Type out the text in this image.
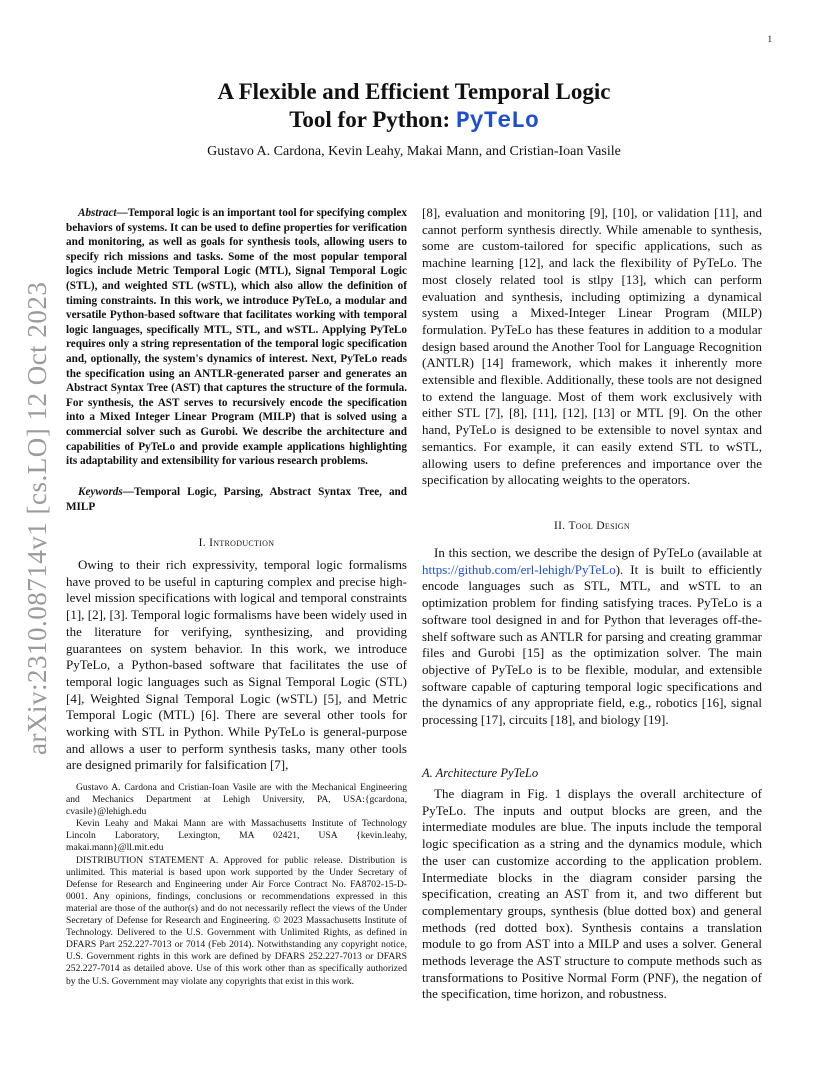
1
arXiv:2310.08714v1 [cs.LO] 12 Oct 2023
A Flexible and Efficient Temporal Logic
Tool for Python: PyTeLo
Gustavo A. Cardona, Kevin Leahy, Makai Mann, and Cristian-Ioan Vasile

Abstract—Temporal logic is an important tool for specifying complex behaviors of systems. It can be used to define properties for verification and monitoring, as well as goals for synthesis tools, allowing users to specify rich missions and tasks. Some of the most popular temporal logics include Metric Temporal Logic (MTL), Signal Temporal Logic (STL), and weighted STL (wSTL), which also allow the definition of timing constraints. In this work, we introduce PyTeLo, a modular and versatile Python-based software that facilitates working with temporal logic languages, specifically MTL, STL, and wSTL. Applying PyTeLo requires only a string representation of the temporal logic specification and, optionally, the system's dynamics of interest. Next, PyTeLo reads the specification using an ANTLR-generated parser and generates an Abstract Syntax Tree (AST) that captures the structure of the formula. For synthesis, the AST serves to recursively encode the specification into a Mixed Integer Linear Program (MILP) that is solved using a commercial solver such as Gurobi. We describe the architecture and capabilities of PyTeLo and provide example applications highlighting its adaptability and extensibility for various research problems.

Keywords—Temporal Logic, Parsing, Abstract Syntax Tree, and MILP

I. Introduction

Owing to their rich expressivity, temporal logic formalisms have proved to be useful in capturing complex and precise high-level mission specifications with logical and temporal constraints [1], [2], [3]. Temporal logic formalisms have been widely used in the literature for verifying, synthesizing, and providing guarantees on system behavior. In this work, we introduce PyTeLo, a Python-based software that facilitates the use of temporal logic languages such as Signal Temporal Logic (STL) [4], Weighted Signal Temporal Logic (wSTL) [5], and Metric Temporal Logic (MTL) [6]. There are several other tools for working with STL in Python. While PyTeLo is general-purpose and allows a user to perform synthesis tasks, many other tools are designed primarily for falsification [7],

Gustavo A. Cardona and Cristian-Ioan Vasile are with the Mechanical Engineering and Mechanics Department at Lehigh University, PA, USA:{gcardona, cvasile}@lehigh.edu

Kevin Leahy and Makai Mann are with Massachusetts Institute of Technology Lincoln Laboratory, Lexington, MA 02421, USA {kevin.leahy, makai.mann}@ll.mit.edu

DISTRIBUTION STATEMENT A. Approved for public release. Distribution is unlimited. This material is based upon work supported by the Under Secretary of Defense for Research and Engineering under Air Force Contract No. FA8702-15-D-0001. Any opinions, findings, conclusions or recommendations expressed in this material are those of the author(s) and do not necessarily reflect the views of the Under Secretary of Defense for Research and Engineering. © 2023 Massachusetts Institute of Technology. Delivered to the U.S. Government with Unlimited Rights, as defined in DFARS Part 252.227-7013 or 7014 (Feb 2014). Notwithstanding any copyright notice, U.S. Government rights in this work are defined by DFARS 252.227-7013 or DFARS 252.227-7014 as detailed above. Use of this work other than as specifically authorized by the U.S. Government may violate any copyrights that exist in this work.

[8], evaluation and monitoring [9], [10], or validation [11], and cannot perform synthesis directly. While amenable to synthesis, some are custom-tailored for specific applications, such as machine learning [12], and lack the flexibility of PyTeLo. The most closely related tool is stlpy [13], which can perform evaluation and synthesis, including optimizing a dynamical system using a Mixed-Integer Linear Program (MILP) formulation. PyTeLo has these features in addition to a modular design based around the Another Tool for Language Recognition (ANTLR) [14] framework, which makes it inherently more extensible and flexible. Additionally, these tools are not designed to extend the language. Most of them work exclusively with either STL [7], [8], [11], [12], [13] or MTL [9]. On the other hand, PyTeLo is designed to be extensible to novel syntax and semantics. For example, it can easily extend STL to wSTL, allowing users to define preferences and importance over the specification by allocating weights to the operators.

II. Tool Design

In this section, we describe the design of PyTeLo (available at https://github.com/erl-lehigh/PyTeLo). It is built to efficiently encode languages such as STL, MTL, and wSTL to an optimization problem for finding satisfying traces. PyTeLo is a software tool designed in and for Python that leverages off-the-shelf software such as ANTLR for parsing and creating grammar files and Gurobi [15] as the optimization solver. The main objective of PyTeLo is to be flexible, modular, and extensible software capable of capturing temporal logic specifications and the dynamics of any appropriate field, e.g., robotics [16], signal processing [17], circuits [18], and biology [19].

A. Architecture PyTeLo

The diagram in Fig. 1 displays the overall architecture of PyTeLo. The inputs and output blocks are green, and the intermediate modules are blue. The inputs include the temporal logic specification as a string and the dynamics module, which the user can customize according to the application problem. Intermediate blocks in the diagram consider parsing the specification, creating an AST from it, and two different but complementary groups, synthesis (blue dotted box) and general methods (red dotted box). Synthesis contains a translation module to go from AST into a MILP and uses a solver. General methods leverage the AST structure to compute methods such as transformations to Positive Normal Form (PNF), the negation of the specification, time horizon, and robustness.
